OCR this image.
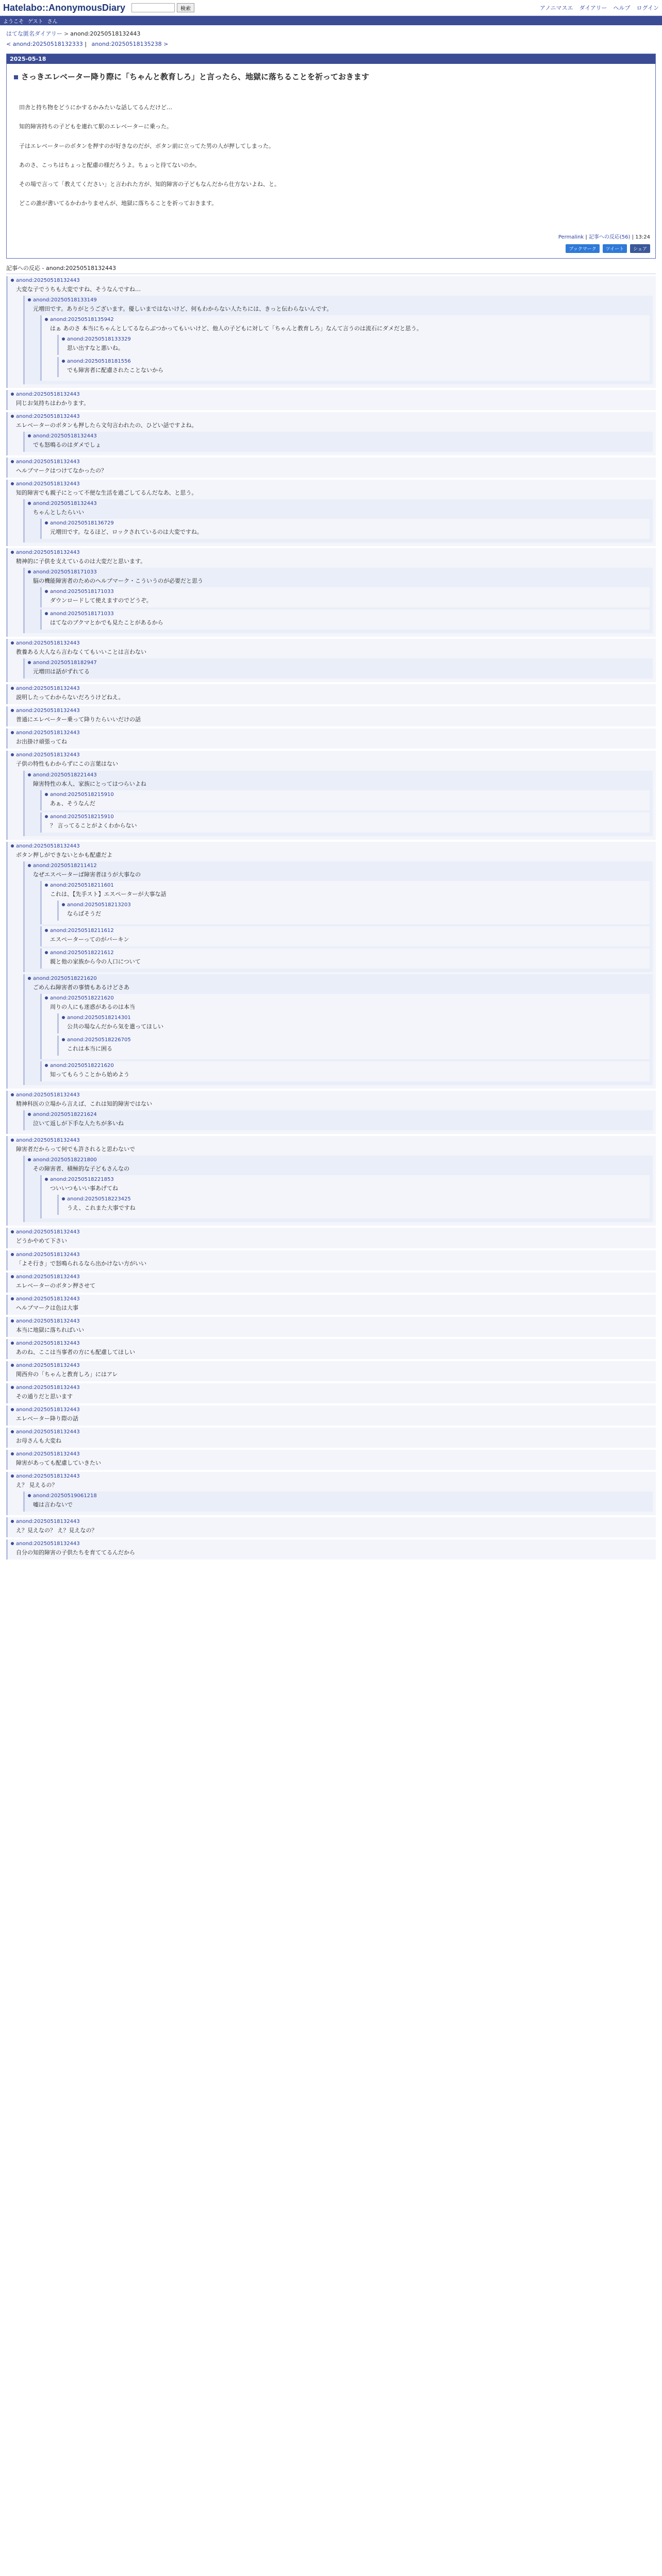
Hatelabo::AnonymousDiary	検索	アノニマスエ ダイアリー ヘルプ ログイン
ようこそ ゲスト さん
はてな匿名ダイアリー > anond:20250518132443
< anond:20250518132333 | anond:20250518135238 >
2025-05-18
さっきエレベーター降り際に「ちゃんと教育しろ」と言ったら、地獄に落ちることを祈っておきます

田舎と持ち物をどうにかするかみたいな話してるんだけど…

知的障害持ちの子どもを連れて駅のエレベーターに乗った。

子はエレベーターのボタンを押すのが好きなのだが、ボタン前に立ってた男の人が押してしまった。

あのさ、こっちはちょっと配慮の様だろうよ。ちょっと待てないのか。

その場で言って「教えてください」と言われた方が、知的障害の子どもなんだから仕方ないよね、と。

どこの誰が書いてるかわかりませんが、地獄に落ちることを祈っておきます。

Permalink | 記事への反応(56) | 13:24
ブックマーク	ツイート	シェア
記事への反応 - anond:20250518132443
anond:20250518132443
大変な子でうちも大変ですね、そうなんですね…
anond:20250518133149
元増田です。ありがとうございます。優しいまではないけど、何もわからない人たちには、きっと伝わらないんです。
anond:20250518135942
はぁ あのさ 本当にちゃんとしてるならぶつかってもいいけど、他人の子どもに対して「ちゃんと教育しろ」なんて言うのは流石にダメだと思う。
anond:20250518133329
思い出すなと悪いね。
anond:20250518181556
でも障害者に配慮されたことないから
anond:20250518132443
同じお気持ちはわかります。
anond:20250518132443
エレベーターのボタンも押したら文句言われたの、ひどい話ですよね。
anond:20250518132443
でも怒鳴るのはダメでしょ
anond:20250518132443
ヘルプマークはつけてなかったの？
anond:20250518132443
知的障害でも親子にとって不便な生活を過ごしてるんだなあ、と思う。
anond:20250518132443
ちゃんとしたらいい
anond:20250518136729
元増田です。なるほど、ロックされているのは大変ですね。
anond:20250518132443
精神的に子供を支えているのは大変だと思います。
anond:20250518171033
脳の機能障害者のためのヘルプマーク・こういうのが必要だと思う
anond:20250518171033
ダウンロードして使えますのでどうぞ。
anond:20250518171033
はてなのブクマとかでも見たことがあるから
anond:20250518132443
教養ある大人なら言わなくてもいいことは言わない
anond:20250518182947
元増田は話がずれてる
anond:20250518132443
説明したってわからないだろうけどねえ。
anond:20250518132443
普通にエレベーター乗って降りたらいいだけの話
anond:20250518132443
お出掛け頑張ってね
anond:20250518132443
子供の特性もわからずにこの言葉はない
anond:20250518221443
障害特性の本人、家族にとってはつらいよね
anond:20250518215910
あぁ、そうなんだ
anond:20250518215910
？ 言ってることがよくわからない
anond:20250518132443
ボタン押しができないとかも配慮だよ
anond:20250518211412
なぜエスペーターぱ障害者ほうが大事なの
anond:20250518211601
これは、【先手スト】エスペーターが大事な話
anond:20250518213203
ならばそうだ
anond:20250518211612
エスペーターってのがバーキン
anond:20250518221612
親と他の家族から今の人口について
anond:20250518221620
ごめんね障害者の事情もあるけどさあ
anond:20250518221620
周りの人にも迷惑があるのは本当
anond:20250518214301
公共の場なんだから気を遣ってほしい
anond:20250518226705
これは本当に困る
anond:20250518221620
知ってもらうことから始めよう
anond:20250518132443
精神科医の立場から言えば、これは知的障害ではない
anond:20250518221624
泣いて返しが下手な人たちが多いね
anond:20250518132443
障害者だからって何でも許されると思わないで
anond:20250518221800
その障害者、積極的な子どもさんなの
anond:20250518221853
ついいつもいい事あげてね
anond:20250518223425
うえ、これまた大事ですね
anond:20250518132443
どうかやめて下さい
anond:20250518132443
「よそ行き」で怒鳴られるなら出かけない方がいい
anond:20250518132443
エレベーターのボタン押させて
anond:20250518132443
ヘルプマークは色は大事
anond:20250518132443
本当に地獄に落ちればいい
anond:20250518132443
あのね、ここは当事者の方にも配慮してほしい
anond:20250518132443
関西弁の「ちゃんと教育しろ」にはアレ
anond:20250518132443
その通りだと思います
anond:20250518132443
エレベーター降り際の話
anond:20250518132443
お母さんも大変ね
anond:20250518132443
障害があっても配慮していきたい
anond:20250518132443
え？ 見えるの？
anond:20250519061218
嘘は言わないで
anond:20250518132443
え？見えなの？ え？見えなの？
anond:20250518132443
自分の知的障害の子供たちを育ててるんだから
